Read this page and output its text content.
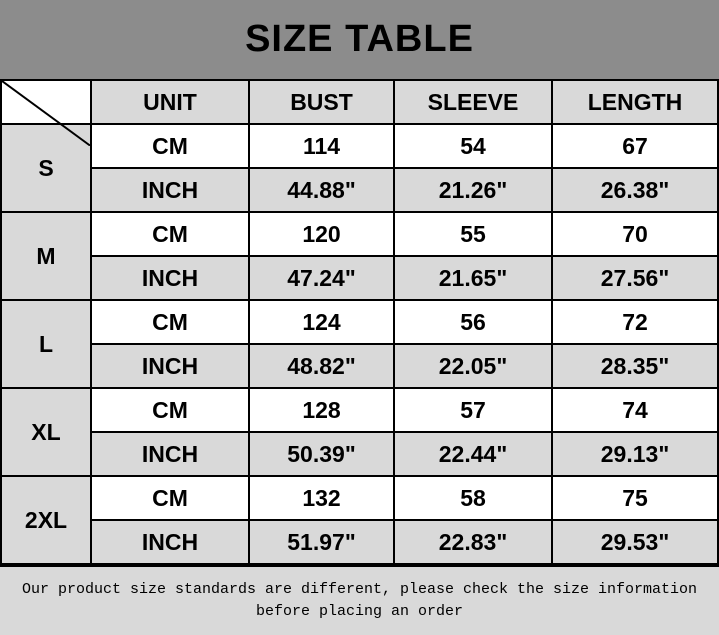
SIZE TABLE
	UNIT	BUST	SLEEVE	LENGTH
S	CM	114	54	67
	INCH	44.88"	21.26"	26.38"
M	CM	120	55	70
	INCH	47.24"	21.65"	27.56"
L	CM	124	56	72
	INCH	48.82"	22.05"	28.35"
XL	CM	128	57	74
	INCH	50.39"	22.44"	29.13"
2XL	CM	132	58	75
	INCH	51.97"	22.83"	29.53"
Our product size standards are different, please check the size information before placing an order
